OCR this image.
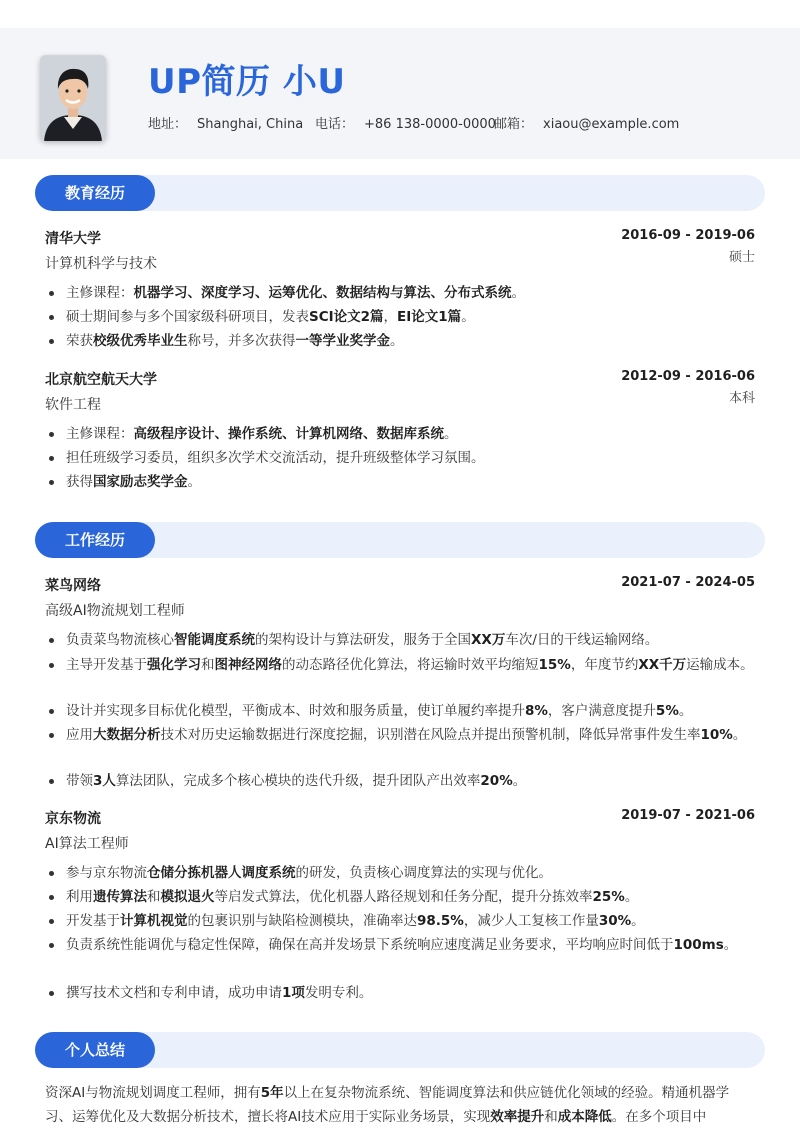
UP简历 小U
地址： Shanghai, China 电话： +86 138-0000-0000
邮箱： xiaou@example.com
教育经历
清华大学	2016-09 - 2019-06
计算机科学与技术	硕士
主修课程：机器学习、深度学习、运筹优化、数据结构与算法、分布式系统。
硕士期间参与多个国家级科研项目，发表SCI论文2篇，EI论文1篇。
荣获校级优秀毕业生称号，并多次获得一等学业奖学金。
北京航空航天大学	2012-09 - 2016-06
软件工程	本科
主修课程：高级程序设计、操作系统、计算机网络、数据库系统。
担任班级学习委员，组织多次学术交流活动，提升班级整体学习氛围。
获得国家励志奖学金。
工作经历
菜鸟网络	2021-07 - 2024-05
高级AI物流规划工程师
负责菜鸟物流核心智能调度系统的架构设计与算法研发，服务于全国XX万车次/日的干线运输网络。
主导开发基于强化学习和图神经网络的动态路径优化算法，将运输时效平均缩短15%，年度节约XX千万运输成本。
设计并实现多目标优化模型，平衡成本、时效和服务质量，使订单履约率提升8%，客户满意度提升5%。
应用大数据分析技术对历史运输数据进行深度挖掘，识别潜在风险点并提出预警机制，降低异常事件发生率10%。
带领3人算法团队，完成多个核心模块的迭代升级，提升团队产出效率20%。
京东物流	2019-07 - 2021-06
AI算法工程师
参与京东物流仓储分拣机器人调度系统的研发，负责核心调度算法的实现与优化。
利用遗传算法和模拟退火等启发式算法，优化机器人路径规划和任务分配，提升分拣效率25%。
开发基于计算机视觉的包裹识别与缺陷检测模块，准确率达98.5%，减少人工复核工作量30%。
负责系统性能调优与稳定性保障，确保在高并发场景下系统响应速度满足业务要求，平均响应时间低于100ms。
撰写技术文档和专利申请，成功申请1项发明专利。
个人总结
资深AI与物流规划调度工程师，拥有5年以上在复杂物流系统、智能调度算法和供应链优化领域的经验。精通机器学习、运筹优化及大数据分析技术，擅长将AI技术应用于实际业务场景，实现效率提升和成本降低。在多个项目中
